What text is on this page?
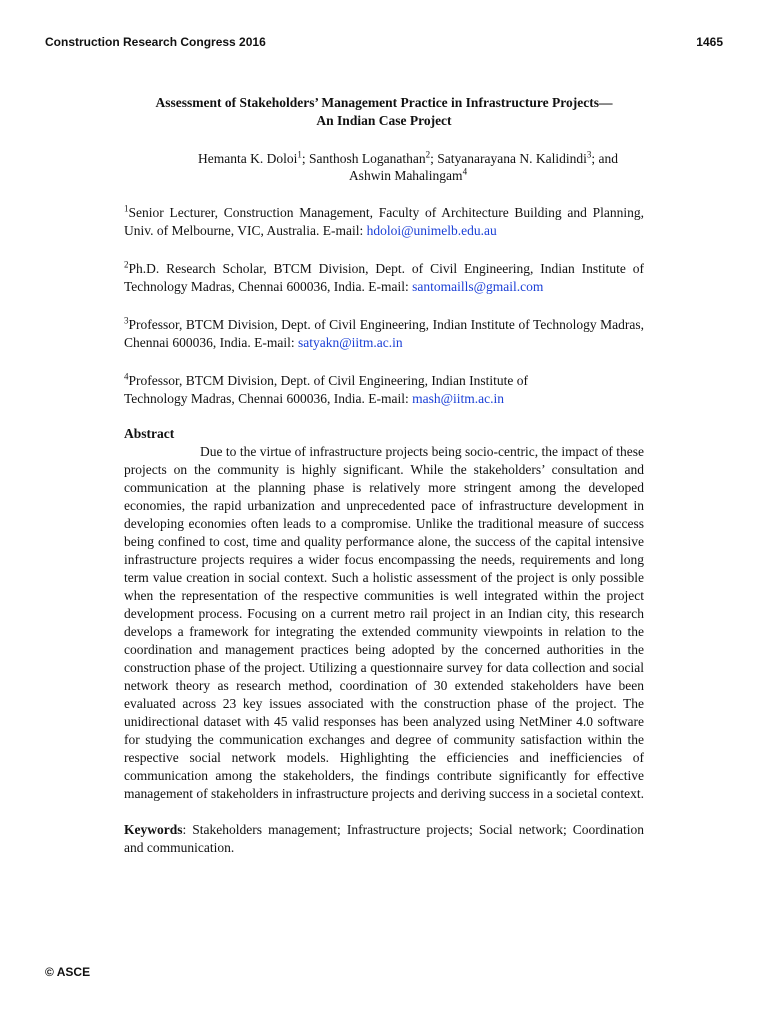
Construction Research Congress 2016	1465
Assessment of Stakeholders’ Management Practice in Infrastructure Projects—
An Indian Case Project
Hemanta K. Doloi$^1$; Santhosh Loganathan$^2$; Satyanarayana N. Kalidindi$^3$; and
Ashwin Mahalingam$^4$
$^1$Senior Lecturer, Construction Management, Faculty of Architecture Building and Planning, Univ. of Melbourne, VIC, Australia. E-mail: hdoloi@unimelb.edu.au
$^2$Ph.D. Research Scholar, BTCM Division, Dept. of Civil Engineering, Indian Institute of Technology Madras, Chennai 600036, India. E-mail: santomaills@gmail.com
$^3$Professor, BTCM Division, Dept. of Civil Engineering, Indian Institute of Technology Madras, Chennai 600036, India. E-mail: satyakn@iitm.ac.in
$^4$Professor, BTCM Division, Dept. of Civil Engineering, Indian Institute of Technology Madras, Chennai 600036, India. E-mail: mash@iitm.ac.in
Abstract

Due to the virtue of infrastructure projects being socio-centric, the impact of these projects on the community is highly significant. While the stakeholders’ consultation and communication at the planning phase is relatively more stringent among the developed economies, the rapid urbanization and unprecedented pace of infrastructure development in developing economies often leads to a compromise. Unlike the traditional measure of success being confined to cost, time and quality performance alone, the success of the capital intensive infrastructure projects requires a wider focus encompassing the needs, requirements and long term value creation in social context. Such a holistic assessment of the project is only possible when the representation of the respective communities is well integrated within the project development process. Focusing on a current metro rail project in an Indian city, this research develops a framework for integrating the extended community viewpoints in relation to the coordination and management practices being adopted by the concerned authorities in the construction phase of the project. Utilizing a questionnaire survey for data collection and social network theory as research method, coordination of 30 extended stakeholders have been evaluated across 23 key issues associated with the construction phase of the project. The unidirectional dataset with 45 valid responses has been analyzed using NetMiner 4.0 software for studying the communication exchanges and degree of community satisfaction within the respective social network models. Highlighting the efficiencies and inefficiencies of communication among the stakeholders, the findings contribute significantly for effective management of stakeholders in infrastructure projects and deriving success in a societal context.

Keywords: Stakeholders management; Infrastructure projects; Social network; Coordination and communication.
© ASCE
